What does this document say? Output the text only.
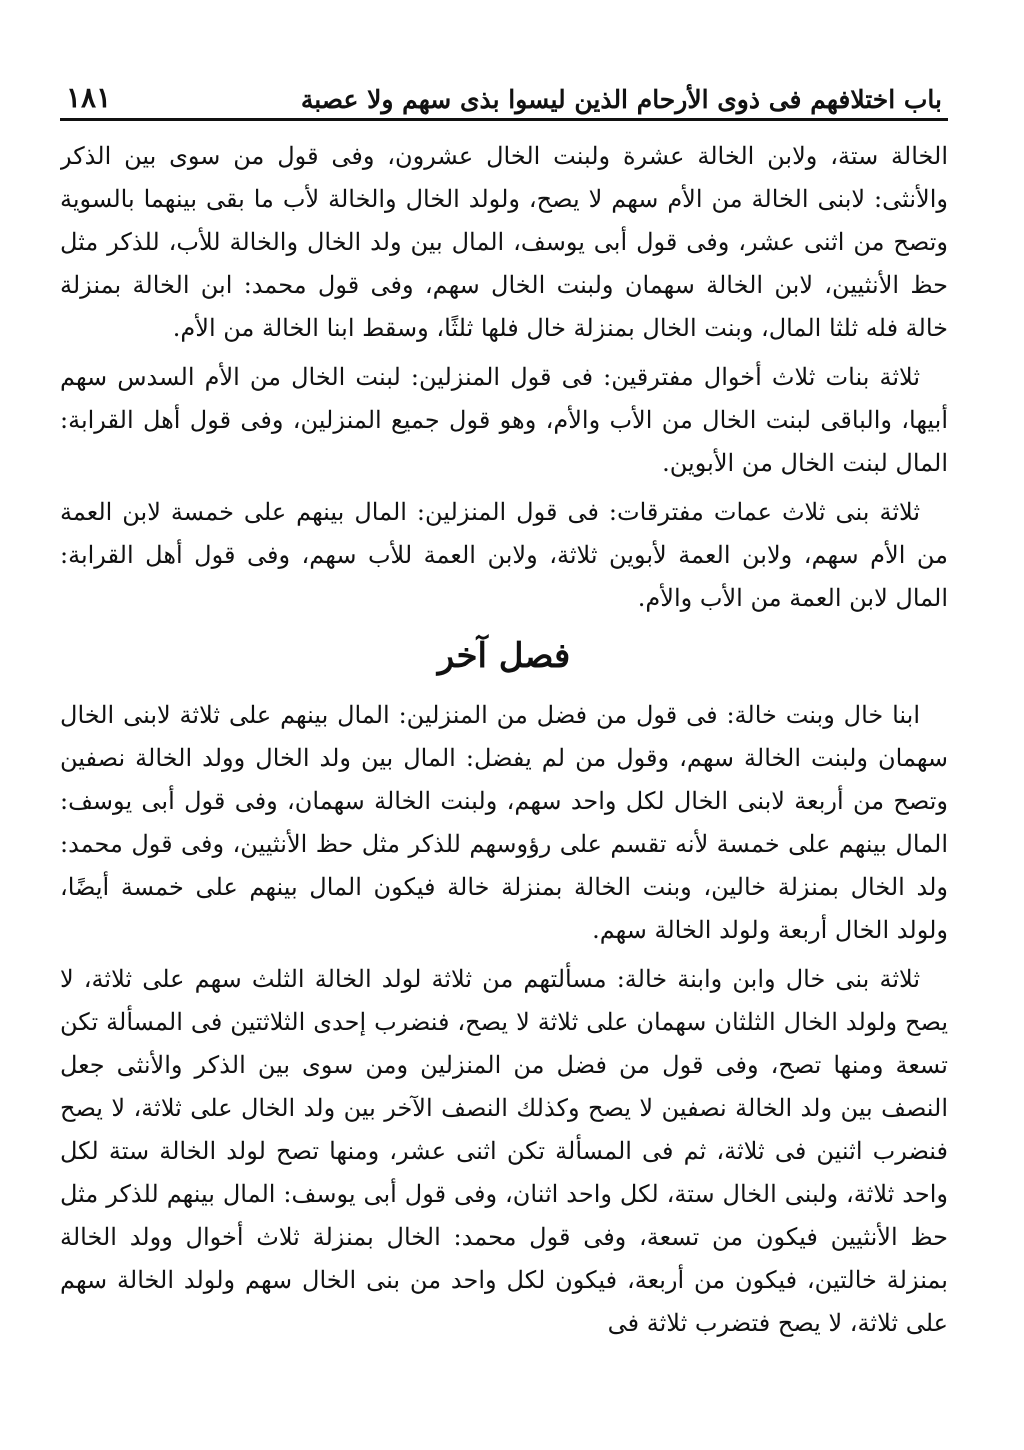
باب اختلافهم فى ذوى الأرحام الذين ليسوا بذى سهم ولا عصبة
١٨١

الخالة ستة، ولابن الخالة عشرة ولبنت الخال عشرون، وفى قول من سوى بين الذكر والأنثى: لابنى الخالة من الأم سهم لا يصح، ولولد الخال والخالة لأب ما بقى بينهما بالسوية وتصح من اثنى عشر، وفى قول أبى يوسف، المال بين ولد الخال والخالة للأب، للذكر مثل حظ الأنثيين، لابن الخالة سهمان ولبنت الخال سهم، وفى قول محمد: ابن الخالة بمنزلة خالة فله ثلثا المال، وبنت الخال بمنزلة خال فلها ثلثًا، وسقط ابنا الخالة من الأم.

ثلاثة بنات ثلاث أخوال مفترقين: فى قول المنزلين: لبنت الخال من الأم السدس سهم أبيها، والباقى لبنت الخال من الأب والأم، وهو قول جميع المنزلين، وفى قول أهل القرابة: المال لبنت الخال من الأبوين.

ثلاثة بنى ثلاث عمات مفترقات: فى قول المنزلين: المال بينهم على خمسة لابن العمة من الأم سهم، ولابن العمة لأبوين ثلاثة، ولابن العمة للأب سهم، وفى قول أهل القرابة: المال لابن العمة من الأب والأم.

فصل آخر

ابنا خال وبنت خالة: فى قول من فضل من المنزلين: المال بينهم على ثلاثة لابنى الخال سهمان ولبنت الخالة سهم، وقول من لم يفضل: المال بين ولد الخال وولد الخالة نصفين وتصح من أربعة لابنى الخال لكل واحد سهم، ولبنت الخالة سهمان، وفى قول أبى يوسف: المال بينهم على خمسة لأنه تقسم على رؤوسهم للذكر مثل حظ الأنثيين، وفى قول محمد: ولد الخال بمنزلة خالين، وبنت الخالة بمنزلة خالة فيكون المال بينهم على خمسة أيضًا، ولولد الخال أربعة ولولد الخالة سهم.

ثلاثة بنى خال وابن وابنة خالة: مسألتهم من ثلاثة لولد الخالة الثلث سهم على ثلاثة، لا يصح ولولد الخال الثلثان سهمان على ثلاثة لا يصح، فنضرب إحدى الثلاثتين فى المسألة تكن تسعة ومنها تصح، وفى قول من فضل من المنزلين ومن سوى بين الذكر والأنثى جعل النصف بين ولد الخالة نصفين لا يصح وكذلك النصف الآخر بين ولد الخال على ثلاثة، لا يصح فنضرب اثنين فى ثلاثة، ثم فى المسألة تكن اثنى عشر، ومنها تصح لولد الخالة ستة لكل واحد ثلاثة، ولبنى الخال ستة، لكل واحد اثنان، وفى قول أبى يوسف: المال بينهم للذكر مثل حظ الأنثيين فيكون من تسعة، وفى قول محمد: الخال بمنزلة ثلاث أخوال وولد الخالة بمنزلة خالتين، فيكون من أربعة، فيكون لكل واحد من بنى الخال سهم ولولد الخالة سهم على ثلاثة، لا يصح فتضرب ثلاثة فى
